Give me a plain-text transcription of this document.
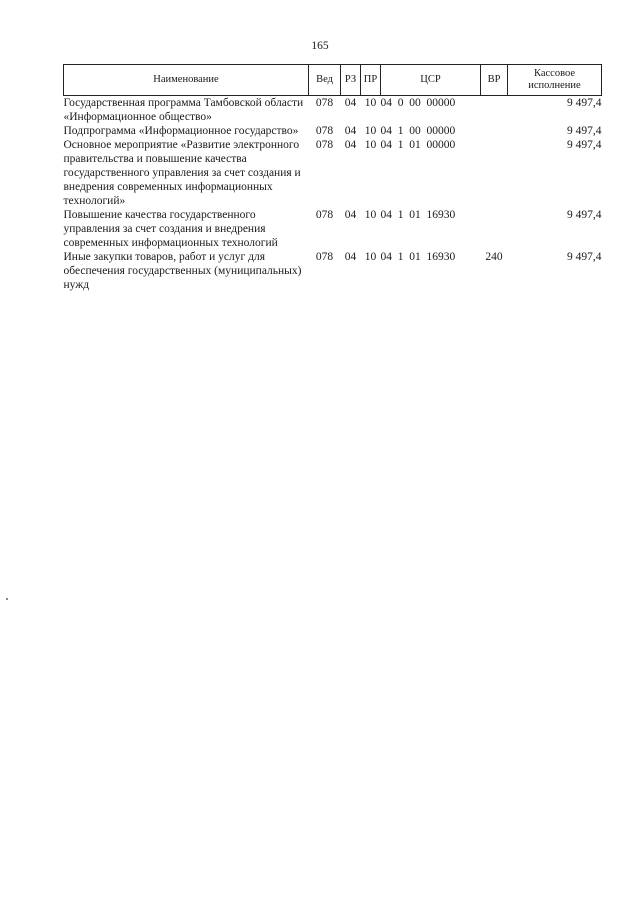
165
Наименование	Вед	РЗ	ПР	ЦСР	ВР	Кассовое исполнение
Государственная программа Тамбовской области «Информационное общество»	078	04	10	04  0  00  00000		9 497,4
Подпрограмма «Информационное государство»	078	04	10	04  1  00  00000		9 497,4
Основное мероприятие «Развитие электронного правительства и повышение качества государственного управления за счет создания и внедрения современных информационных технологий»	078	04	10	04  1  01  00000		9 497,4
Повышение качества государственного управления за счет создания и внедрения современных информационных технологий	078	04	10	04  1  01  16930		9 497,4
Иные закупки товаров, работ и услуг для обеспечения государственных (муниципальных) нужд	078	04	10	04  1  01  16930	240	9 497,4
